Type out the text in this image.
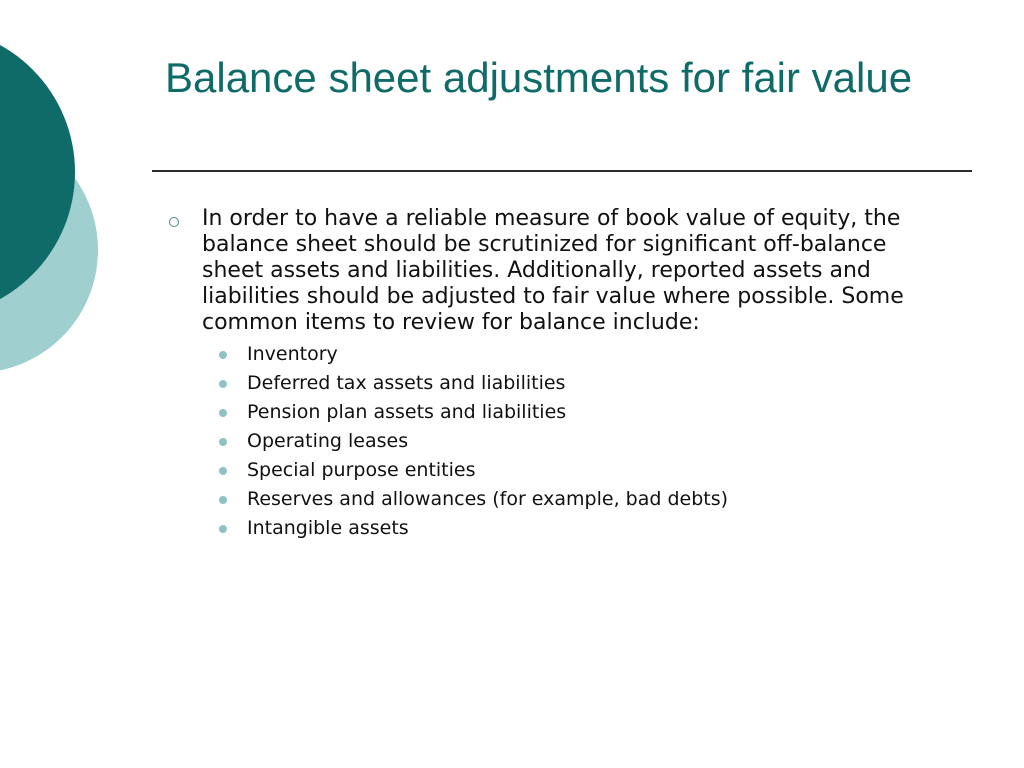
Balance sheet adjustments for fair value
In order to have a reliable measure of book value of equity, the balance sheet should be scrutinized for significant off-balance sheet assets and liabilities. Additionally, reported assets and liabilities should be adjusted to fair value where possible. Some common items to review for balance include:
Inventory
Deferred tax assets and liabilities
Pension plan assets and liabilities
Operating leases
Special purpose entities
Reserves and allowances (for example, bad debts)
Intangible assets
